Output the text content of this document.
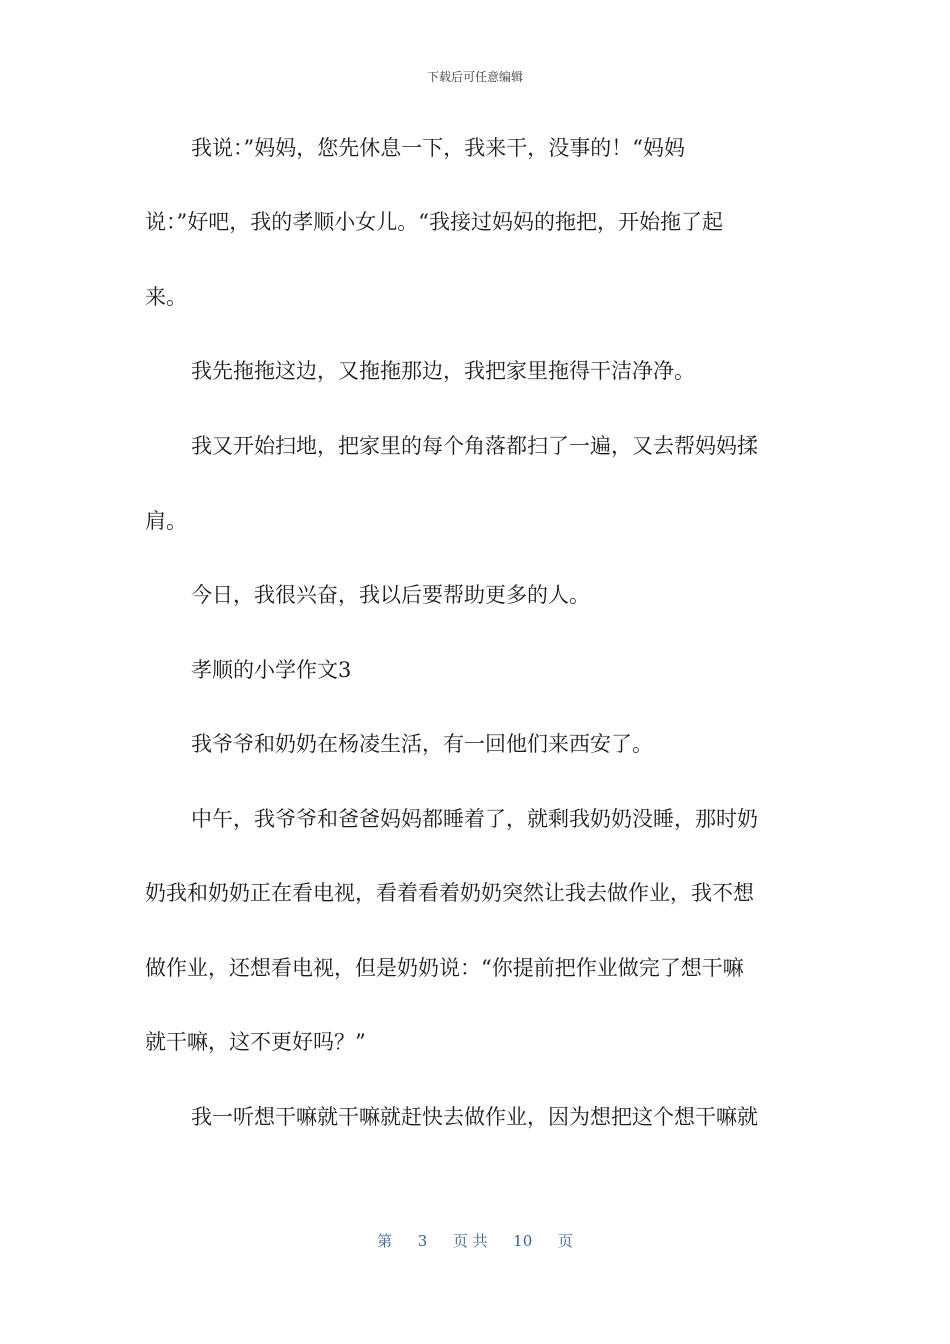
下载后可任意编辑
我说：”妈妈，您先休息一下，我来干，没事的！“妈妈
说：”好吧，我的孝顺小女儿。“我接过妈妈的拖把，开始拖了起
来。
我先拖拖这边，又拖拖那边，我把家里拖得干洁净净。
我又开始扫地，把家里的每个角落都扫了一遍，又去帮妈妈揉
肩。
今日，我很兴奋，我以后要帮助更多的人。
孝顺的小学作文3
我爷爷和奶奶在杨凌生活，有一回他们来西安了。
中午，我爷爷和爸爸妈妈都睡着了，就剩我奶奶没睡，那时奶
奶我和奶奶正在看电视，看着看着奶奶突然让我去做作业，我不想
做作业，还想看电视，但是奶奶说：“你提前把作业做完了想干嘛
就干嘛，这不更好吗？”
我一听想干嘛就干嘛就赶快去做作业，因为想把这个想干嘛就
第 3 页 共 10 页
